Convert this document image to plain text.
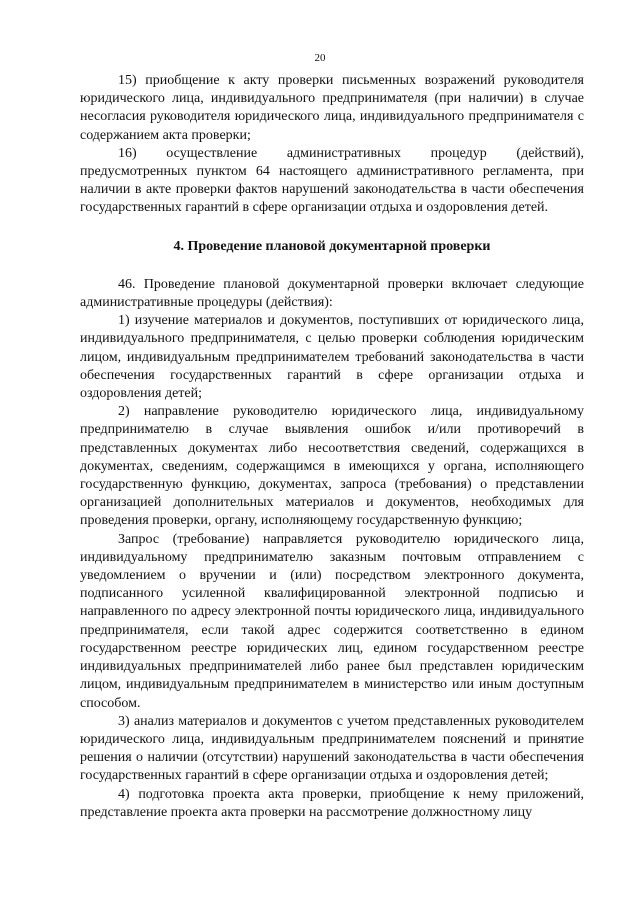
20

15) приобщение к акту проверки письменных возражений руководителя юридического лица, индивидуального предпринимателя (при наличии) в случае несогласия руководителя юридического лица, индивидуального предпринимателя с содержанием акта проверки;

16) осуществление административных процедур (действий), предусмотренных пунктом 64 настоящего административного регламента, при наличии в акте проверки фактов нарушений законодательства в части обеспечения государственных гарантий в сфере организации отдыха и оздоровления детей.

4. Проведение плановой документарной проверки

46. Проведение плановой документарной проверки включает следующие административные процедуры (действия):

1) изучение материалов и документов, поступивших от юридического лица, индивидуального предпринимателя, с целью проверки соблюдения юридическим лицом, индивидуальным предпринимателем требований законодательства в части обеспечения государственных гарантий в сфере организации отдыха и оздоровления детей;

2) направление руководителю юридического лица, индивидуальному предпринимателю в случае выявления ошибок и/или противоречий в представленных документах либо несоответствия сведений, содержащихся в документах, сведениям, содержащимся в имеющихся у органа, исполняющего государственную функцию, документах, запроса (требования) о представлении организацией дополнительных материалов и документов, необходимых для проведения проверки, органу, исполняющему государственную функцию;

Запрос (требование) направляется руководителю юридического лица, индивидуальному предпринимателю заказным почтовым отправлением с уведомлением о вручении и (или) посредством электронного документа, подписанного усиленной квалифицированной электронной подписью и направленного по адресу электронной почты юридического лица, индивидуального предпринимателя, если такой адрес содержится соответственно в едином государственном реестре юридических лиц, едином государственном реестре индивидуальных предпринимателей либо ранее был представлен юридическим лицом, индивидуальным предпринимателем в министерство или иным доступным способом.

3) анализ материалов и документов с учетом представленных руководителем юридического лица, индивидуальным предпринимателем пояснений и принятие решения о наличии (отсутствии) нарушений законодательства в части обеспечения государственных гарантий в сфере организации отдыха и оздоровления детей;

4) подготовка проекта акта проверки, приобщение к нему приложений, представление проекта акта проверки на рассмотрение должностному лицу
